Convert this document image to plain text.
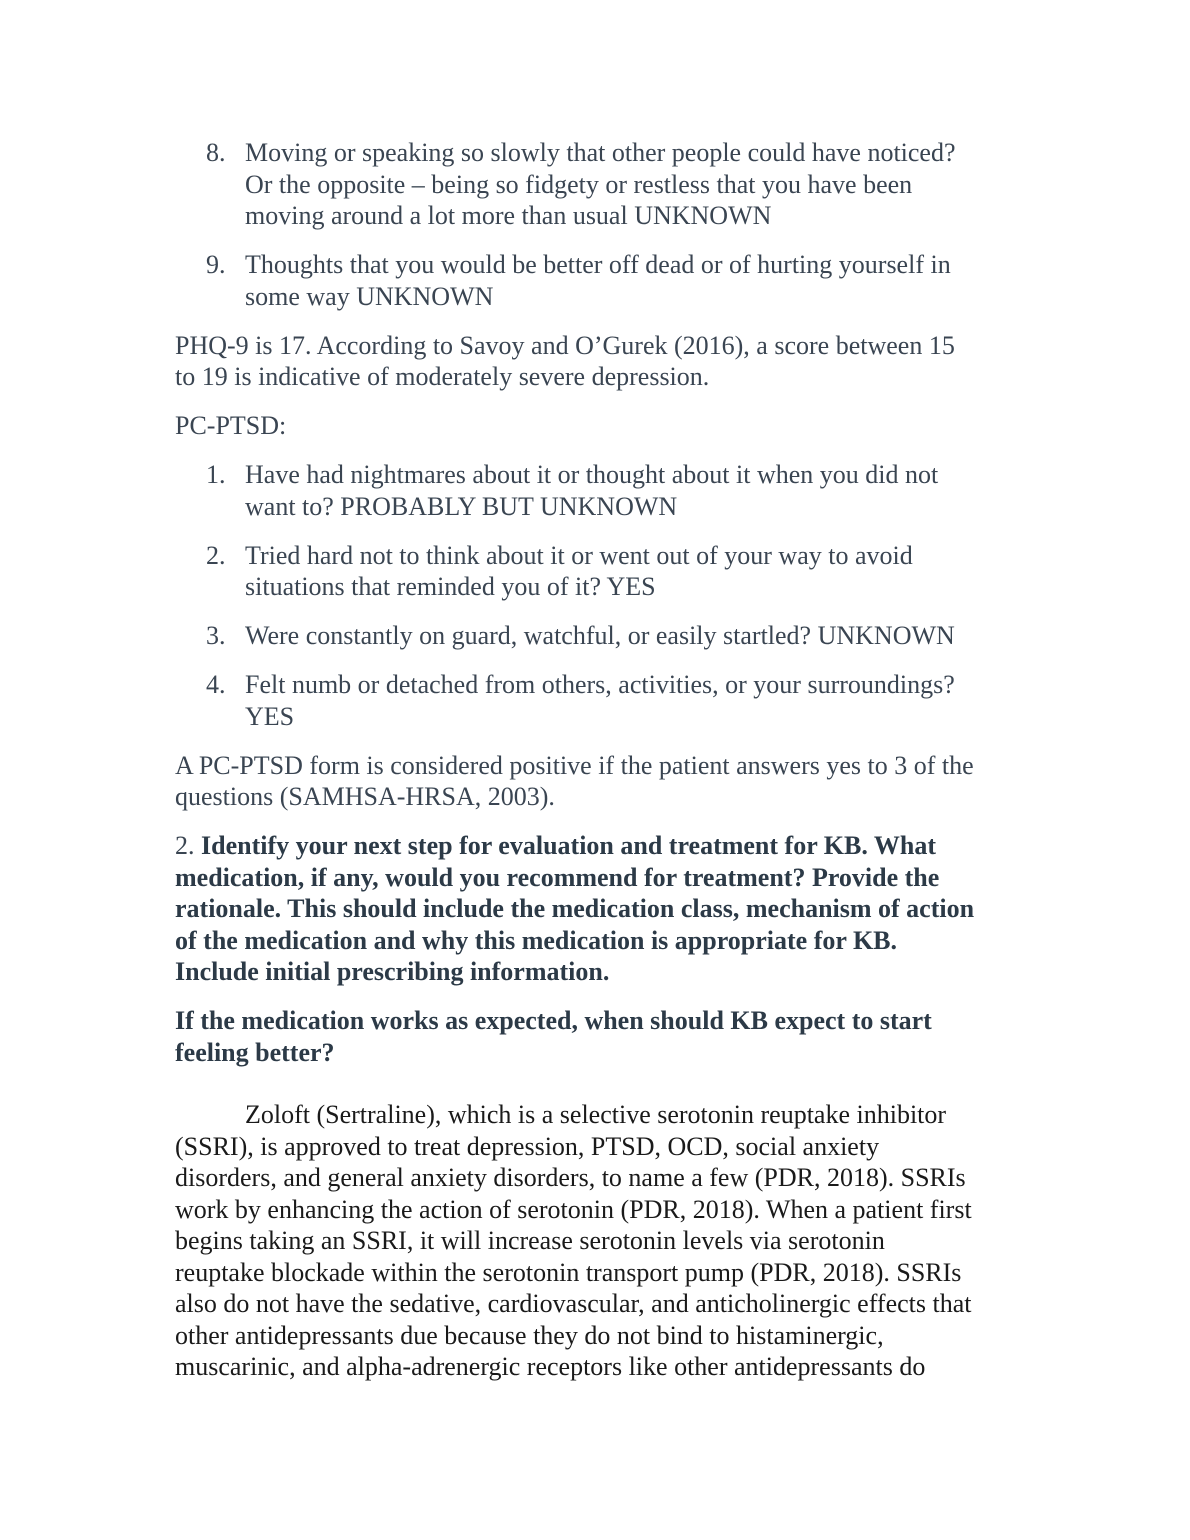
8. Moving or speaking so slowly that other people could have noticed?
Or the opposite – being so fidgety or restless that you have been
moving around a lot more than usual UNKNOWN
9. Thoughts that you would be better off dead or of hurting yourself in
some way UNKNOWN
PHQ-9 is 17. According to Savoy and O’Gurek (2016), a score between 15
to 19 is indicative of moderately severe depression.
PC-PTSD:
1. Have had nightmares about it or thought about it when you did not
want to? PROBABLY BUT UNKNOWN
2. Tried hard not to think about it or went out of your way to avoid
situations that reminded you of it? YES
3. Were constantly on guard, watchful, or easily startled? UNKNOWN
4. Felt numb or detached from others, activities, or your surroundings?
YES
A PC-PTSD form is considered positive if the patient answers yes to 3 of the
questions (SAMHSA-HRSA, 2003).
2. Identify your next step for evaluation and treatment for KB. What
medication, if any, would you recommend for treatment? Provide the
rationale. This should include the medication class, mechanism of action
of the medication and why this medication is appropriate for KB.
Include initial prescribing information.
If the medication works as expected, when should KB expect to start
feeling better?
Zoloft (Sertraline), which is a selective serotonin reuptake inhibitor
(SSRI), is approved to treat depression, PTSD, OCD, social anxiety
disorders, and general anxiety disorders, to name a few (PDR, 2018). SSRIs
work by enhancing the action of serotonin (PDR, 2018). When a patient first
begins taking an SSRI, it will increase serotonin levels via serotonin
reuptake blockade within the serotonin transport pump (PDR, 2018). SSRIs
also do not have the sedative, cardiovascular, and anticholinergic effects that
other antidepressants due because they do not bind to histaminergic,
muscarinic, and alpha-adrenergic receptors like other antidepressants do
